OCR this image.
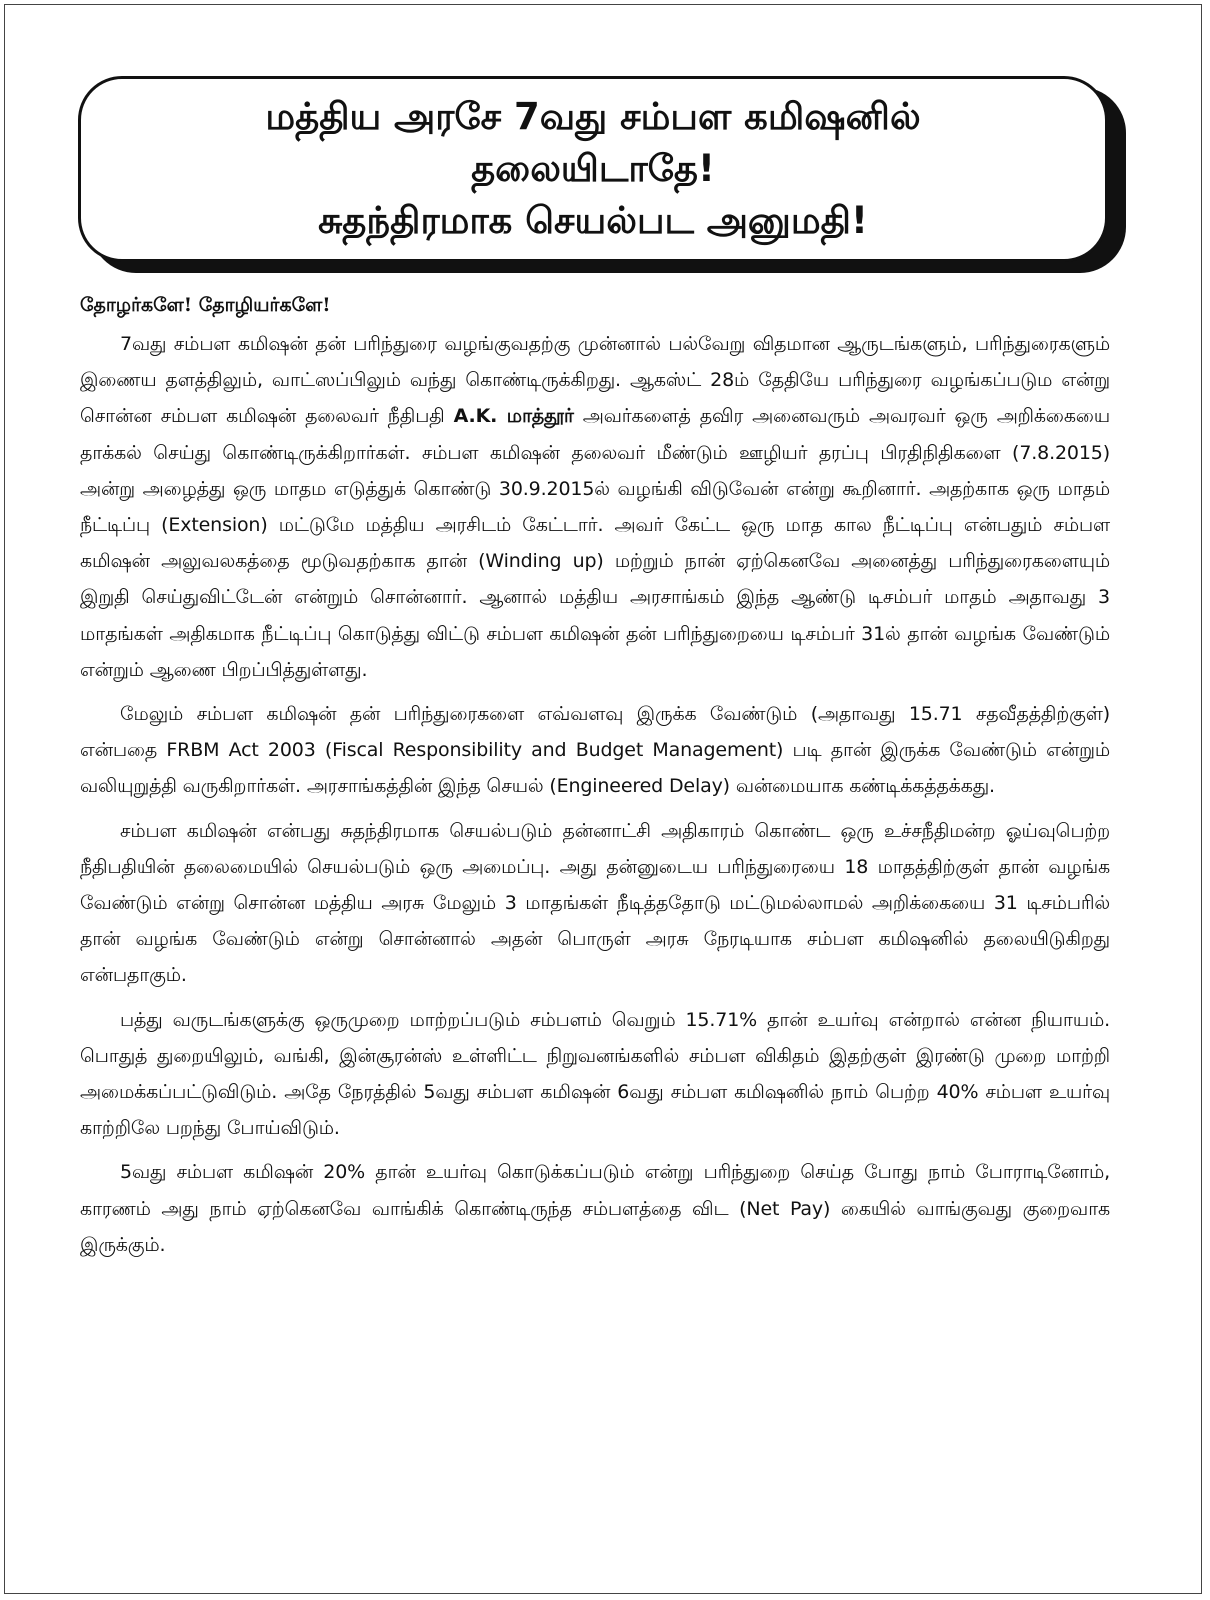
மத்திய அரசே 7வது சம்பள கமிஷனில்
தலையிடாதே!
சுதந்திரமாக செயல்பட அனுமதி!
தோழர்களே! தோழியர்களே!

7வது சம்பள கமிஷன் தன் பரிந்துரை வழங்குவதற்கு முன்னால் பல்வேறு விதமான ஆருடங்களும், பரிந்துரைகளும் இணைய தளத்திலும், வாட்ஸப்பிலும் வந்து கொண்டிருக்கிறது. ஆகஸ்ட் 28ம் தேதியே பரிந்துரை வழங்கப்படும என்று சொன்ன சம்பள கமிஷன் தலைவர் நீதிபதி A.K. மாத்தூர் அவர்களைத் தவிர அனைவரும் அவரவர் ஒரு அறிக்கையை தாக்கல் செய்து கொண்டிருக்கிறார்கள். சம்பள கமிஷன் தலைவர் மீண்டும் ஊழியர் தரப்பு பிரதிநிதிகளை (7.8.2015) அன்று அழைத்து ஒரு மாதம எடுத்துக் கொண்டு 30.9.2015ல் வழங்கி விடுவேன் என்று கூறினார். அதற்காக ஒரு மாதம் நீட்டிப்பு (Extension) மட்டுமே மத்திய அரசிடம் கேட்டார். அவர் கேட்ட ஒரு மாத கால நீட்டிப்பு என்பதும் சம்பள கமிஷன் அலுவலகத்தை மூடுவதற்காக தான் (Winding up) மற்றும் நான் ஏற்கெனவே அனைத்து பரிந்துரைகளையும் இறுதி செய்துவிட்டேன் என்றும் சொன்னார். ஆனால் மத்திய அரசாங்கம் இந்த ஆண்டு டிசம்பர் மாதம் அதாவது 3 மாதங்கள் அதிகமாக நீட்டிப்பு கொடுத்து விட்டு சம்பள கமிஷன் தன் பரிந்துறையை டிசம்பர் 31ல் தான் வழங்க வேண்டும் என்றும் ஆணை பிறப்பித்துள்ளது.

மேலும் சம்பள கமிஷன் தன் பரிந்துரைகளை எவ்வளவு இருக்க வேண்டும் (அதாவது 15.71 சதவீதத்திற்குள்) என்பதை FRBM Act 2003 (Fiscal Responsibility and Budget Management) படி தான் இருக்க வேண்டும் என்றும் வலியுறுத்தி வருகிறார்கள். அரசாங்கத்தின் இந்த செயல் (Engineered Delay) வன்மையாக கண்டிக்கத்தக்கது.

சம்பள கமிஷன் என்பது சுதந்திரமாக செயல்படும் தன்னாட்சி அதிகாரம் கொண்ட ஒரு உச்சநீதிமன்ற ஓய்வுபெற்ற நீதிபதியின் தலைமையில் செயல்படும் ஒரு அமைப்பு. அது தன்னுடைய பரிந்துரையை 18 மாதத்திற்குள் தான் வழங்க வேண்டும் என்று சொன்ன மத்திய அரசு மேலும் 3 மாதங்கள் நீடித்ததோடு மட்டுமல்லாமல் அறிக்கையை 31 டிசம்பரில் தான் வழங்க வேண்டும் என்று சொன்னால் அதன் பொருள் அரசு நேரடியாக சம்பள கமிஷனில் தலையிடுகிறது என்பதாகும்.

பத்து வருடங்களுக்கு ஒருமுறை மாற்றப்படும் சம்பளம் வெறும் 15.71% தான் உயர்வு என்றால் என்ன நியாயம். பொதுத் துறையிலும், வங்கி, இன்சூரன்ஸ் உள்ளிட்ட நிறுவனங்களில் சம்பள விகிதம் இதற்குள் இரண்டு முறை மாற்றி அமைக்கப்பட்டுவிடும். அதே நேரத்தில் 5வது சம்பள கமிஷன் 6வது சம்பள கமிஷனில் நாம் பெற்ற 40% சம்பள உயர்வு காற்றிலே பறந்து போய்விடும்.

5வது சம்பள கமிஷன் 20% தான் உயர்வு கொடுக்கப்படும் என்று பரிந்துறை செய்த போது நாம் போராடினோம், காரணம் அது நாம் ஏற்கெனவே வாங்கிக் கொண்டிருந்த சம்பளத்தை விட (Net Pay) கையில் வாங்குவது குறைவாக இருக்கும்.
